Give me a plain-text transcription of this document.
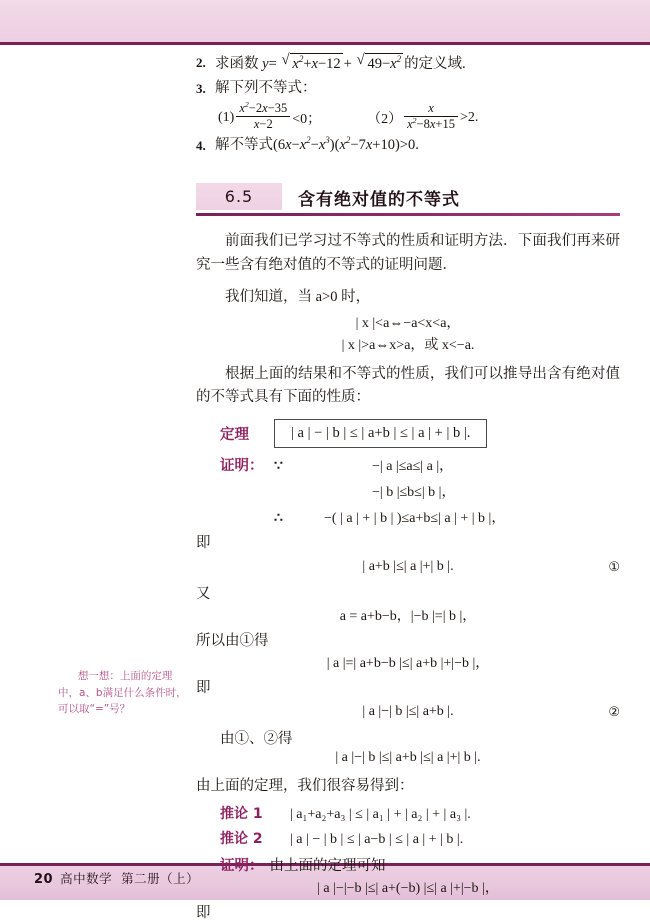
20 高中数学 第二册（上）
想一想：上面的定理中，a、b满足什么条件时，可以取“=”号？
2. 求函数 y= √ $x^2+x-12$ + √ $49-x^2$ 的定义域.
3. 解下列不等式：
$(1) \frac{x^2-2x-35}{x-2} <0$；	$(2) \frac{x}{x^2-8x+15} >2$.
4. 解不等式$(6x-x^2-x^3)(x^2-7x+10)>0$.
6.5	含有绝对值的不等式
前面我们已学习过不等式的性质和证明方法．下面我们再来研究一些含有绝对值的不等式的证明问题．
我们知道，当 a>0 时，
| x |<a⇔−a<x<a，
| x |>a⇔x>a，或 x<−a.
根据上面的结果和不等式的性质，我们可以推导出含有绝对值的不等式具有下面的性质：
定理	| a | − | b | ≤ | a+b | ≤ | a | + | b |.
证明： ∵	−| a |≤a≤| a |，
−| b |≤b≤| b |，
∴	−( | a | + | b | )≤a+b≤| a | + | b |，
即
| a+b |≤| a |+| b |.	①
又
a = a+b−b，|−b |=| b |，
所以由①得
| a |=| a+b−b |≤| a+b |+|−b |，
即
| a |−| b |≤| a+b |.	②
由①、②得
| a |−| b |≤| a+b |≤| a |+| b |.
由上面的定理，我们很容易得到：
推论 1	| a₁+a₂+a₃ | ≤ | a₁ | + | a₂ | + | a₃ |.
推论 2	| a | − | b | ≤ | a−b | ≤ | a | + | b |.
证明： 由上面的定理可知
| a |−|−b |≤| a+(−b) |≤| a |+|−b |，
即
